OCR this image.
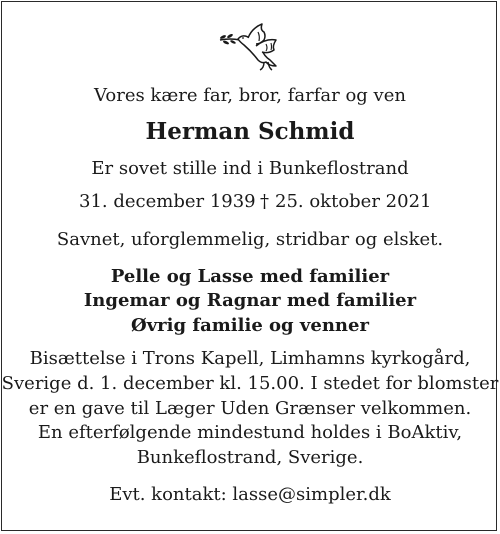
Vores kære far, bror, farfar og ven
Herman Schmid
Er sovet stille ind i Bunkeflostrand
31. december 1939 † 25. oktober 2021
Savnet, uforglemmelig, stridbar og elsket.
Pelle og Lasse med familier
Ingemar og Ragnar med familier
Øvrig familie og venner
Bisættelse i Trons Kapell, Limhamns kyrkogård,
Sverige d. 1. december kl. 15.00. I stedet for blomster
er en gave til Læger Uden Grænser velkommen.
En efterfølgende mindestund holdes i BoAktiv,
Bunkeflostrand, Sverige.
Evt. kontakt: lasse@simpler.dk
